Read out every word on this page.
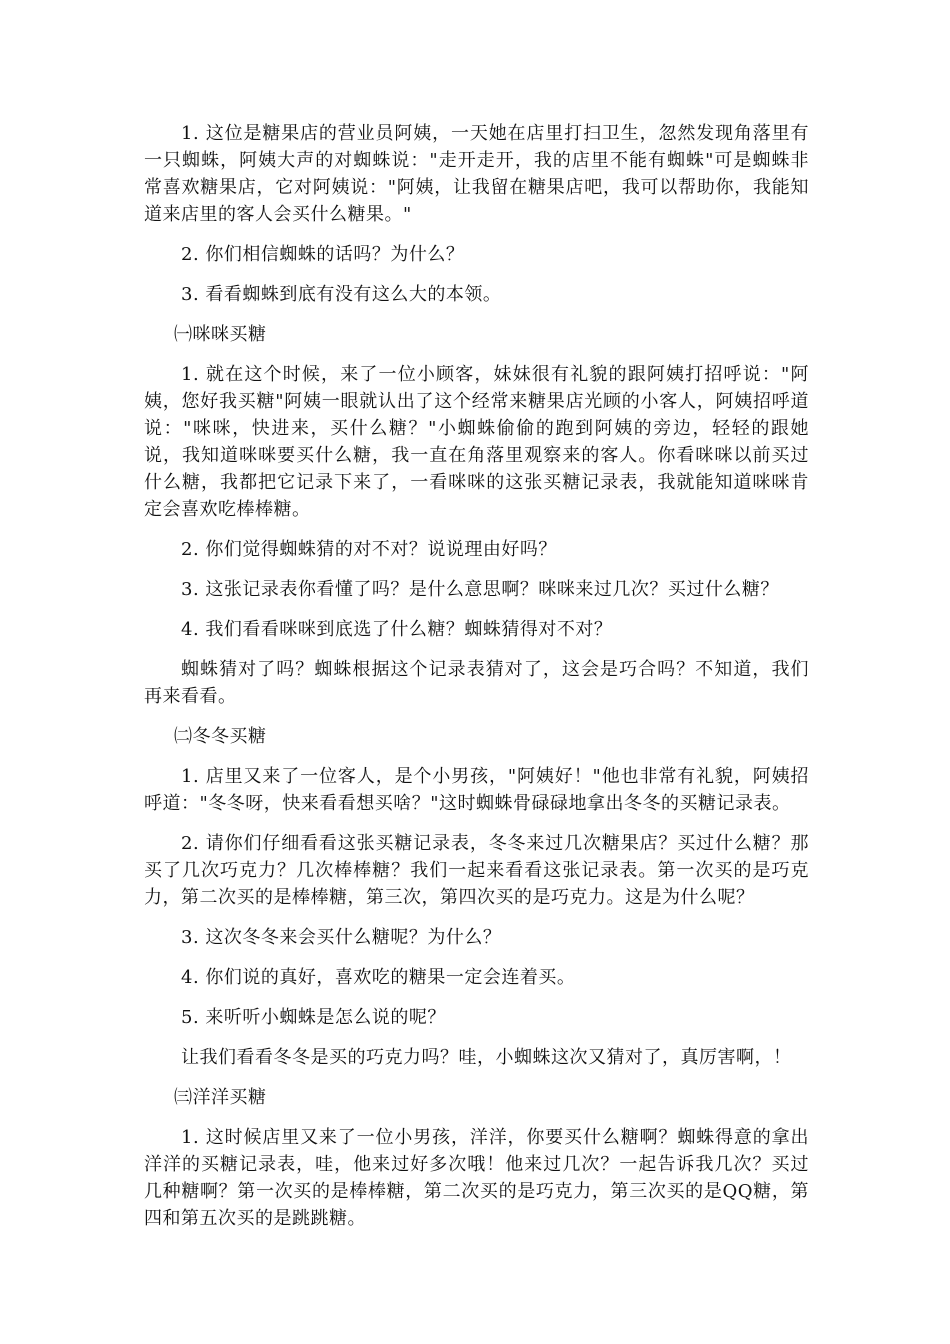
1. 这位是糖果店的营业员阿姨，一天她在店里打扫卫生，忽然发现角落里有一只蜘蛛，阿姨大声的对蜘蛛说："走开走开，我的店里不能有蜘蛛"可是蜘蛛非常喜欢糖果店，它对阿姨说："阿姨，让我留在糖果店吧，我可以帮助你，我能知道来店里的客人会买什么糖果。"

2. 你们相信蜘蛛的话吗？为什么？

3. 看看蜘蛛到底有没有这么大的本领。

㈠咪咪买糖

1. 就在这个时候，来了一位小顾客，妹妹很有礼貌的跟阿姨打招呼说："阿姨，您好我买糖"阿姨一眼就认出了这个经常来糖果店光顾的小客人，阿姨招呼道说："咪咪，快进来，买什么糖？"小蜘蛛偷偷的跑到阿姨的旁边，轻轻的跟她说，我知道咪咪要买什么糖，我一直在角落里观察来的客人。你看咪咪以前买过什么糖，我都把它记录下来了，一看咪咪的这张买糖记录表，我就能知道咪咪肯定会喜欢吃棒棒糖。

2. 你们觉得蜘蛛猜的对不对？说说理由好吗？

3. 这张记录表你看懂了吗？是什么意思啊？咪咪来过几次？买过什么糖？

4. 我们看看咪咪到底选了什么糖？蜘蛛猜得对不对？

蜘蛛猜对了吗？蜘蛛根据这个记录表猜对了，这会是巧合吗？不知道，我们再来看看。

㈡冬冬买糖

1. 店里又来了一位客人，是个小男孩，"阿姨好！"他也非常有礼貌，阿姨招呼道："冬冬呀，快来看看想买啥？"这时蜘蛛骨碌碌地拿出冬冬的买糖记录表。

2. 请你们仔细看看这张买糖记录表，冬冬来过几次糖果店？买过什么糖？那买了几次巧克力？几次棒棒糖？我们一起来看看这张记录表。第一次买的是巧克力，第二次买的是棒棒糖，第三次，第四次买的是巧克力。这是为什么呢？

3. 这次冬冬来会买什么糖呢？为什么？

4. 你们说的真好，喜欢吃的糖果一定会连着买。

5. 来听听小蜘蛛是怎么说的呢？

让我们看看冬冬是买的巧克力吗？哇，小蜘蛛这次又猜对了，真厉害啊，！

㈢洋洋买糖

1. 这时候店里又来了一位小男孩，洋洋，你要买什么糖啊？蜘蛛得意的拿出洋洋的买糖记录表，哇，他来过好多次哦！他来过几次？一起告诉我几次？买过几种糖啊？第一次买的是棒棒糖，第二次买的是巧克力，第三次买的是QQ糖，第四和第五次买的是跳跳糖。
